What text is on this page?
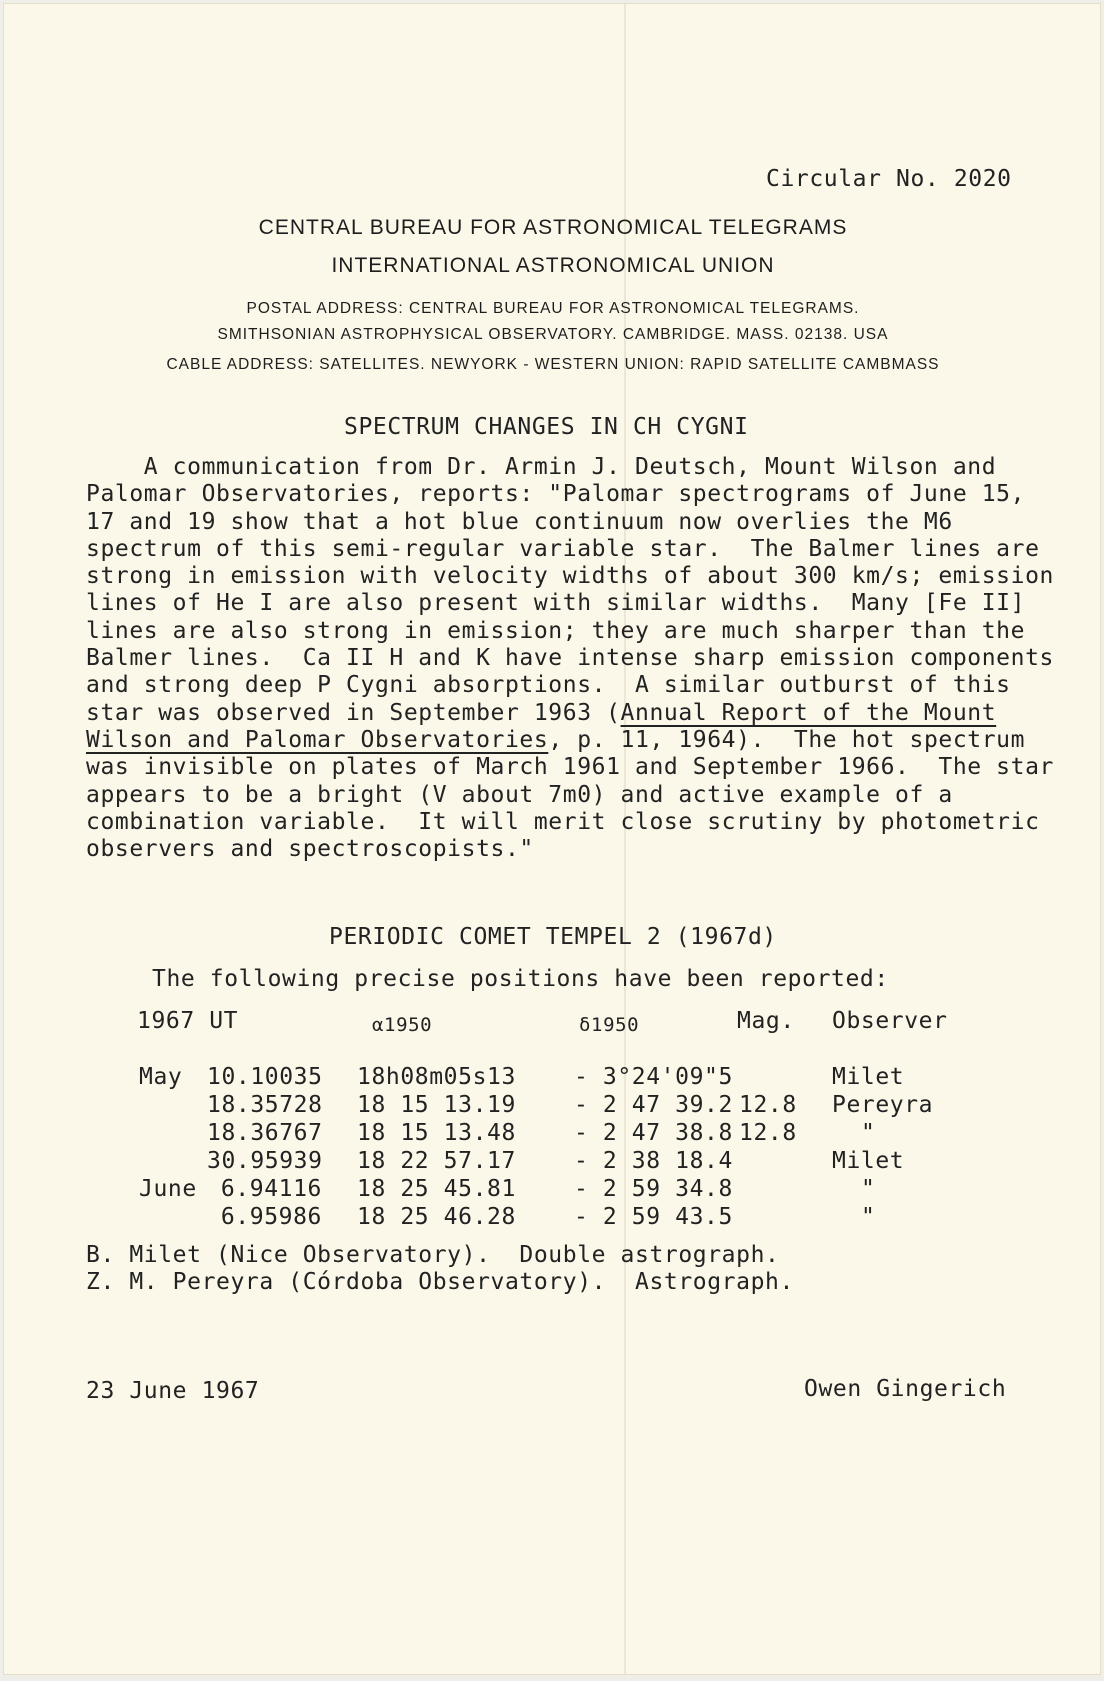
Circular No. 2020
CENTRAL BUREAU FOR ASTRONOMICAL TELEGRAMS
INTERNATIONAL ASTRONOMICAL UNION
POSTAL ADDRESS: CENTRAL BUREAU FOR ASTRONOMICAL TELEGRAMS.
SMITHSONIAN ASTROPHYSICAL OBSERVATORY. CAMBRIDGE. MASS. 02138. USA
CABLE ADDRESS: SATELLITES. NEWYORK - WESTERN UNION: RAPID SATELLITE CAMBMASS
SPECTRUM CHANGES IN CH CYGNI
A communication from Dr. Armin J. Deutsch, Mount Wilson and
Palomar Observatories, reports: "Palomar spectrograms of June 15,
17 and 19 show that a hot blue continuum now overlies the M6
spectrum of this semi-regular variable star.  The Balmer lines are
strong in emission with velocity widths of about 300 km/s; emission
lines of He I are also present with similar widths.  Many [Fe II]
lines are also strong in emission; they are much sharper than the
Balmer lines.  Ca II H and K have intense sharp emission components
and strong deep P Cygni absorptions.  A similar outburst of this
star was observed in September 1963 (Annual Report of the Mount
Wilson and Palomar Observatories, p. 11, 1964).  The hot spectrum
was invisible on plates of March 1961 and September 1966.  The star
appears to be a bright (V about 7m0) and active example of a
combination variable.  It will merit close scrutiny by photometric
observers and spectroscopists."
PERIODIC COMET TEMPEL 2 (1967d)
The following precise positions have been reported:
1967 UT	α1950	δ1950	Mag. Observer
May 10.10035 18h08m05s13	- 3°24'09"5	Milet
18.35728 18 15 13.19	- 2 47 39.2 12.8 Pereyra
18.36767 18 15 13.48	- 2 47 38.8 12.8	"
30.95939 18 22 57.17	- 2 38 18.4	Milet
June	6.94116 18 25 45.81	- 2 59 34.8	"
6.95986 18 25 46.28	- 2 59 43.5	"
B. Milet (Nice Observatory).  Double astrograph.
Z. M. Pereyra (Córdoba Observatory).  Astrograph.
23 June 1967	Owen Gingerich
